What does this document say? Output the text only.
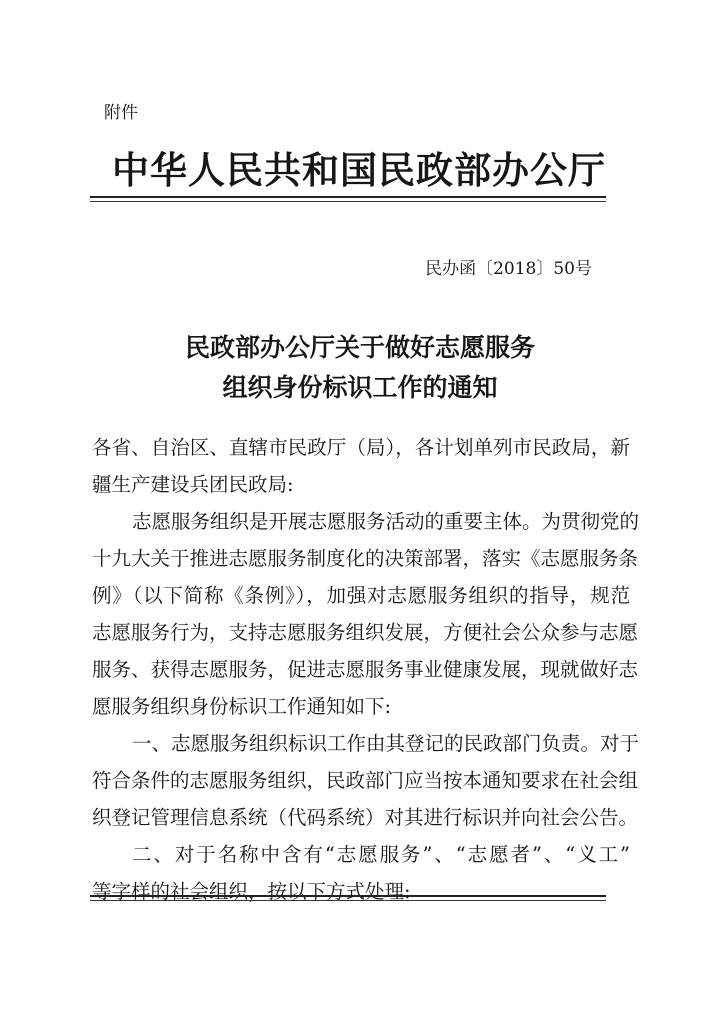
附件
中华人民共和国民政部办公厅
民办函〔2018〕50号
民政部办公厅关于做好志愿服务
组织身份标识工作的通知
各省、自治区、直辖市民政厅（局），各计划单列市民政局，新
疆生产建设兵团民政局:
志愿服务组织是开展志愿服务活动的重要主体。为贯彻党的
十九大关于推进志愿服务制度化的决策部署，落实《志愿服务条
例》（以下简称《条例》），加强对志愿服务组织的指导，规范
志愿服务行为，支持志愿服务组织发展，方便社会公众参与志愿
服务、获得志愿服务，促进志愿服务事业健康发展，现就做好志
愿服务组织身份标识工作通知如下:
一、志愿服务组织标识工作由其登记的民政部门负责。对于
符合条件的志愿服务组织，民政部门应当按本通知要求在社会组
织登记管理信息系统（代码系统）对其进行标识并向社会公告。
二、对于名称中含有“志愿服务”、“志愿者”、“义工”
等字样的社会组织，按以下方式处理:
